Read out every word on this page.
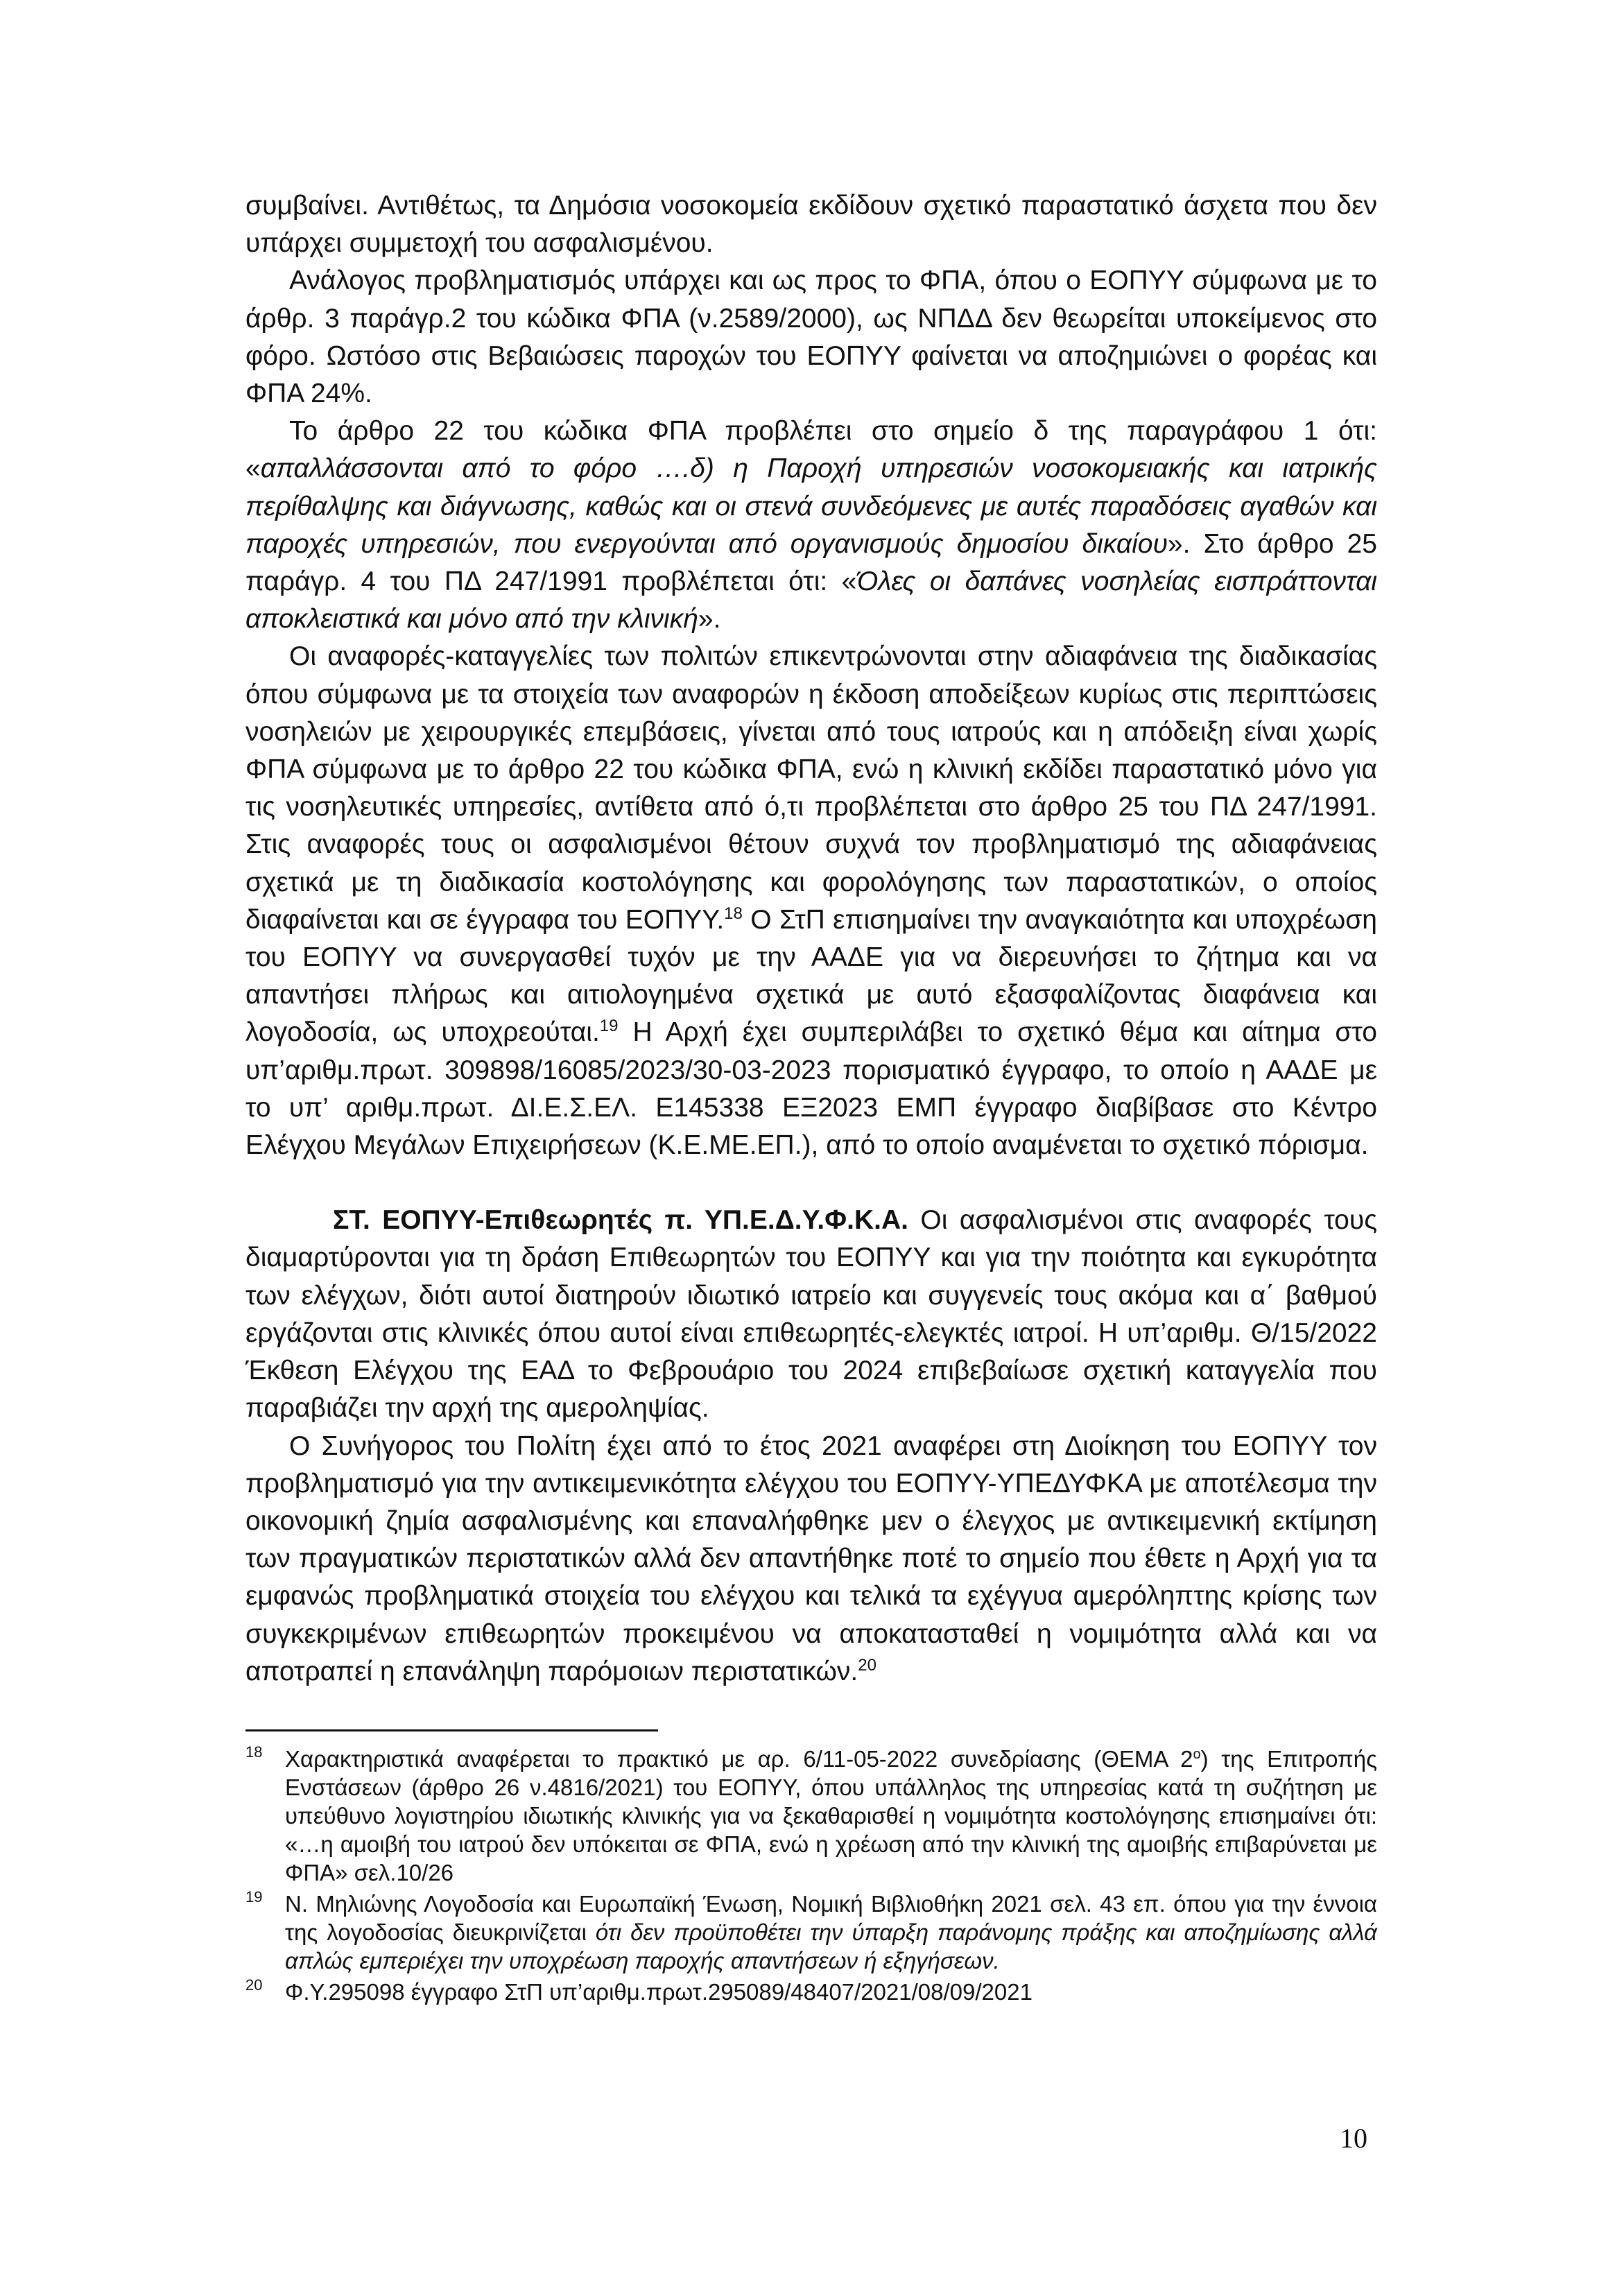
συμβαίνει. Αντιθέτως, τα Δημόσια νοσοκομεία εκδίδουν σχετικό παραστατικό άσχετα που δεν υπάρχει συμμετοχή του ασφαλισμένου.

Ανάλογος προβληματισμός υπάρχει και ως προς το ΦΠΑ, όπου ο ΕΟΠΥΥ σύμφωνα με το άρθρ. 3 παράγρ.2 του κώδικα ΦΠΑ (ν.2589/2000), ως ΝΠΔΔ δεν θεωρείται υποκείμενος στο φόρο. Ωστόσο στις Βεβαιώσεις παροχών του ΕΟΠΥΥ φαίνεται να αποζημιώνει ο φορέας και ΦΠΑ 24%.

Το άρθρο 22 του κώδικα ΦΠΑ προβλέπει στο σημείο δ της παραγράφου 1 ότι: «απαλλάσσονται από το φόρο ….δ) η Παροχή υπηρεσιών νοσοκομειακής και ιατρικής περίθαλψης και διάγνωσης, καθώς και οι στενά συνδεόμενες με αυτές παραδόσεις αγαθών και παροχές υπηρεσιών, που ενεργούνται από οργανισμούς δημοσίου δικαίου». Στο άρθρο 25 παράγρ. 4 του ΠΔ 247/1991 προβλέπεται ότι: «Όλες οι δαπάνες νοσηλείας εισπράττονται αποκλειστικά και μόνο από την κλινική».

Οι αναφορές-καταγγελίες των πολιτών επικεντρώνονται στην αδιαφάνεια της διαδικασίας όπου σύμφωνα με τα στοιχεία των αναφορών η έκδοση αποδείξεων κυρίως στις περιπτώσεις νοσηλειών με χειρουργικές επεμβάσεις, γίνεται από τους ιατρούς και η απόδειξη είναι χωρίς ΦΠΑ σύμφωνα με το άρθρο 22 του κώδικα ΦΠΑ, ενώ η κλινική εκδίδει παραστατικό μόνο για τις νοσηλευτικές υπηρεσίες, αντίθετα από ό,τι προβλέπεται στο άρθρο 25 του ΠΔ 247/1991. Στις αναφορές τους οι ασφαλισμένοι θέτουν συχνά τον προβληματισμό της αδιαφάνειας σχετικά με τη διαδικασία κοστολόγησης και φορολόγησης των παραστατικών, ο οποίος διαφαίνεται και σε έγγραφα του ΕΟΠΥΥ.$^{18}$ Ο ΣτΠ επισημαίνει την αναγκαιότητα και υποχρέωση του ΕΟΠΥΥ να συνεργασθεί τυχόν με την ΑΑΔΕ για να διερευνήσει το ζήτημα και να απαντήσει πλήρως και αιτιολογημένα σχετικά με αυτό εξασφαλίζοντας διαφάνεια και λογοδοσία, ως υποχρεούται.$^{19}$ Η Αρχή έχει συμπεριλάβει το σχετικό θέμα και αίτημα στο υπ’αριθμ.πρωτ. 309898/16085/2023/30-03-2023 πορισματικό έγγραφο, το οποίο η ΑΑΔΕ με το υπ’ αριθμ.πρωτ. ΔΙ.Ε.Σ.ΕΛ. Ε145338 ΕΞ2023 ΕΜΠ έγγραφο διαβίβασε στο Κέντρο Ελέγχου Μεγάλων Επιχειρήσεων (Κ.Ε.ΜΕ.ΕΠ.), από το οποίο αναμένεται το σχετικό πόρισμα.

ΣΤ. ΕΟΠΥΥ-Επιθεωρητές π. ΥΠ.Ε.Δ.Υ.Φ.Κ.Α. Οι ασφαλισμένοι στις αναφορές τους διαμαρτύρονται για τη δράση Επιθεωρητών του ΕΟΠΥΥ και για την ποιότητα και εγκυρότητα των ελέγχων, διότι αυτοί διατηρούν ιδιωτικό ιατρείο και συγγενείς τους ακόμα και α΄ βαθμού εργάζονται στις κλινικές όπου αυτοί είναι επιθεωρητές-ελεγκτές ιατροί. Η υπ’αριθμ. Θ/15/2022 Έκθεση Ελέγχου της ΕΑΔ το Φεβρουάριο του 2024 επιβεβαίωσε σχετική καταγγελία που παραβιάζει την αρχή της αμεροληψίας.

Ο Συνήγορος του Πολίτη έχει από το έτος 2021 αναφέρει στη Διοίκηση του ΕΟΠΥΥ τον προβληματισμό για την αντικειμενικότητα ελέγχου του ΕΟΠΥΥ-ΥΠΕΔΥΦΚΑ με αποτέλεσμα την οικονομική ζημία ασφαλισμένης και επαναλήφθηκε μεν ο έλεγχος με αντικειμενική εκτίμηση των πραγματικών περιστατικών αλλά δεν απαντήθηκε ποτέ το σημείο που έθετε η Αρχή για τα εμφανώς προβληματικά στοιχεία του ελέγχου και τελικά τα εχέγγυα αμερόληπτης κρίσης των συγκεκριμένων επιθεωρητών προκειμένου να αποκατασταθεί η νομιμότητα αλλά και να αποτραπεί η επανάληψη παρόμοιων περιστατικών.$^{20}$

18 Χαρακτηριστικά αναφέρεται το πρακτικό με αρ. 6/11-05-2022 συνεδρίασης (ΘΕΜΑ $2^o$) της Επιτροπής Ενστάσεων (άρθρο 26 ν.4816/2021) του ΕΟΠΥΥ, όπου υπάλληλος της υπηρεσίας κατά τη συζήτηση με υπεύθυνο λογιστηρίου ιδιωτικής κλινικής για να ξεκαθαρισθεί η νομιμότητα κοστολόγησης επισημαίνει ότι: «…η αμοιβή του ιατρού δεν υπόκειται σε ΦΠΑ, ενώ η χρέωση από την κλινική της αμοιβής επιβαρύνεται με ΦΠΑ» σελ.10/26

19 Ν. Μηλιώνης Λογοδοσία και Ευρωπαϊκή Ένωση, Νομική Βιβλιοθήκη 2021 σελ. 43 επ. όπου για την έννοια της λογοδοσίας διευκρινίζεται ότι δεν προϋποθέτει την ύπαρξη παράνομης πράξης και αποζημίωσης αλλά απλώς εμπεριέχει την υποχρέωση παροχής απαντήσεων ή εξηγήσεων.

20 Φ.Υ.295098 έγγραφο ΣτΠ υπ’αριθμ.πρωτ.295089/48407/2021/08/09/2021

10
